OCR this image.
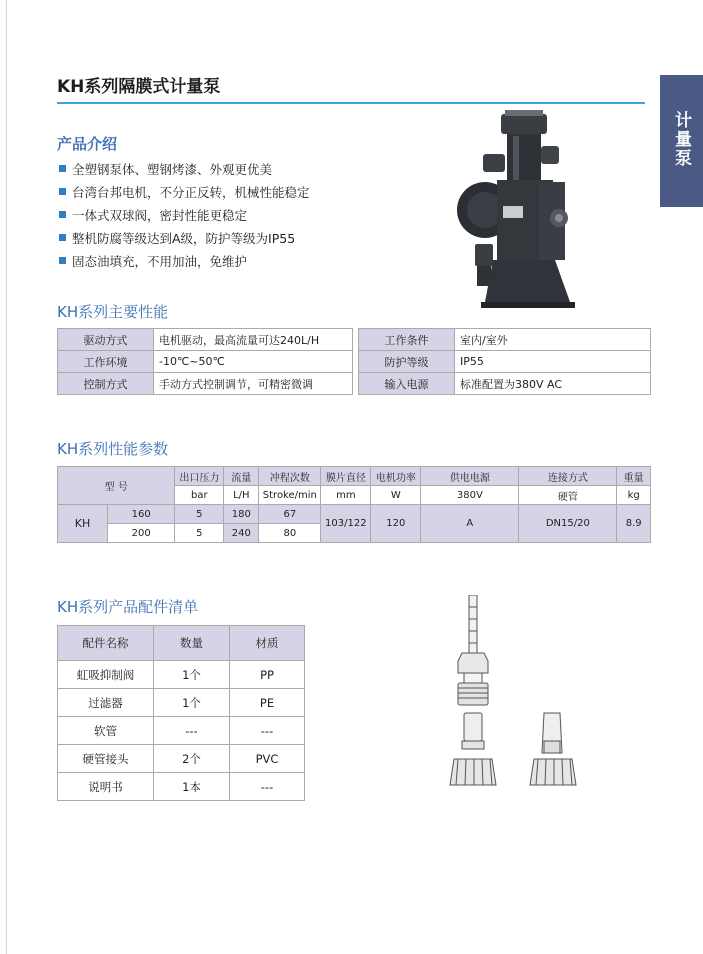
KH系列隔膜式计量泵
计量泵
产品介绍
全塑钢泵体、塑钢烤漆、外观更优美
台湾台邦电机，不分正反转，机械性能稳定
一体式双球阀，密封性能更稳定
整机防腐等级达到A级，防护等级为IP55
固态油填充，不用加油，免维护
KH系列主要性能
驱动方式	电机驱动，最高流量可达240L/H		工作条件	室内/室外
工作环境	-10℃~50℃		防护等级	IP55
控制方式	手动方式控制调节，可精密微调		输入电源	标准配置为380V AC
KH系列性能参数
型 号		出口压力	流量	冲程次数	膜片直径	电机功率	供电电源	连接方式	重量
		bar	L/H	Stroke/min	mm	W	380V	硬管	kg
KH	160	5	180	67	103/122	120	A	DN15/20	8.9
	200	5	240	80					
KH系列产品配件清单
配件名称	数量	材质
虹吸抑制阀	1个	PP
过滤器	1个	PE
软管	---	---
硬管接头	2个	PVC
说明书	1本	---
